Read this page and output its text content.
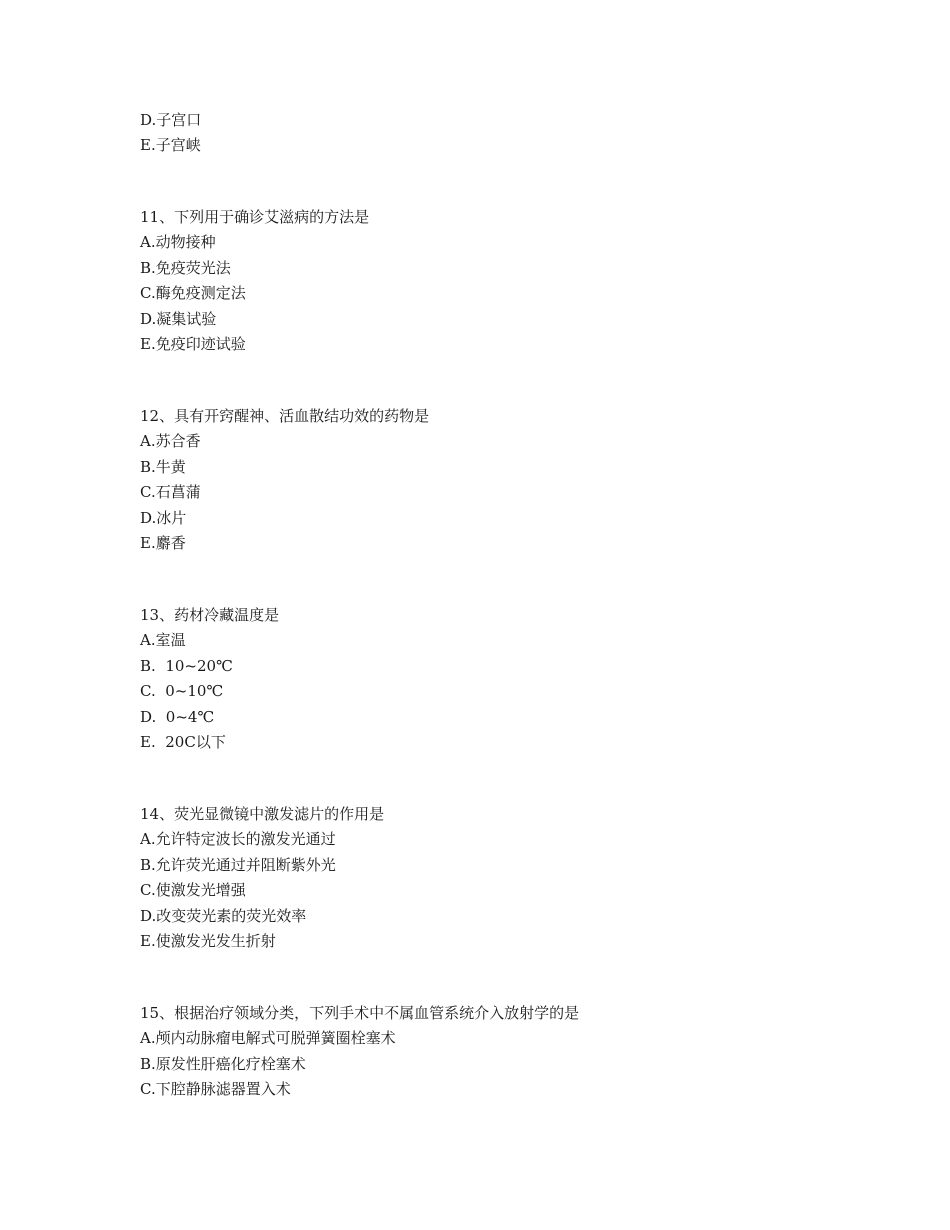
D.子宫口
E.子宫峡
11、下列用于确诊艾滋病的方法是
A.动物接种
B.免疫荧光法
C.酶免疫测定法
D.凝集试验
E.免疫印迹试验
12、具有开窍醒神、活血散结功效的药物是
A.苏合香
B.牛黄
C.石菖蒲
D.冰片
E.麝香
13、药材冷藏温度是
A.室温
B.  10~20℃
C.  0~10℃
D.  0~4℃
E.  20C以下
14、荧光显微镜中激发滤片的作用是
A.允许特定波长的激发光通过
B.允许荧光通过并阻断紫外光
C.使激发光增强
D.改变荧光素的荧光效率
E.使激发光发生折射
15、根据治疗领域分类，下列手术中不属血管系统介入放射学的是
A.颅内动脉瘤电解式可脱弹簧圈栓塞术
B.原发性肝癌化疗栓塞术
C.下腔静脉滤器置入术
